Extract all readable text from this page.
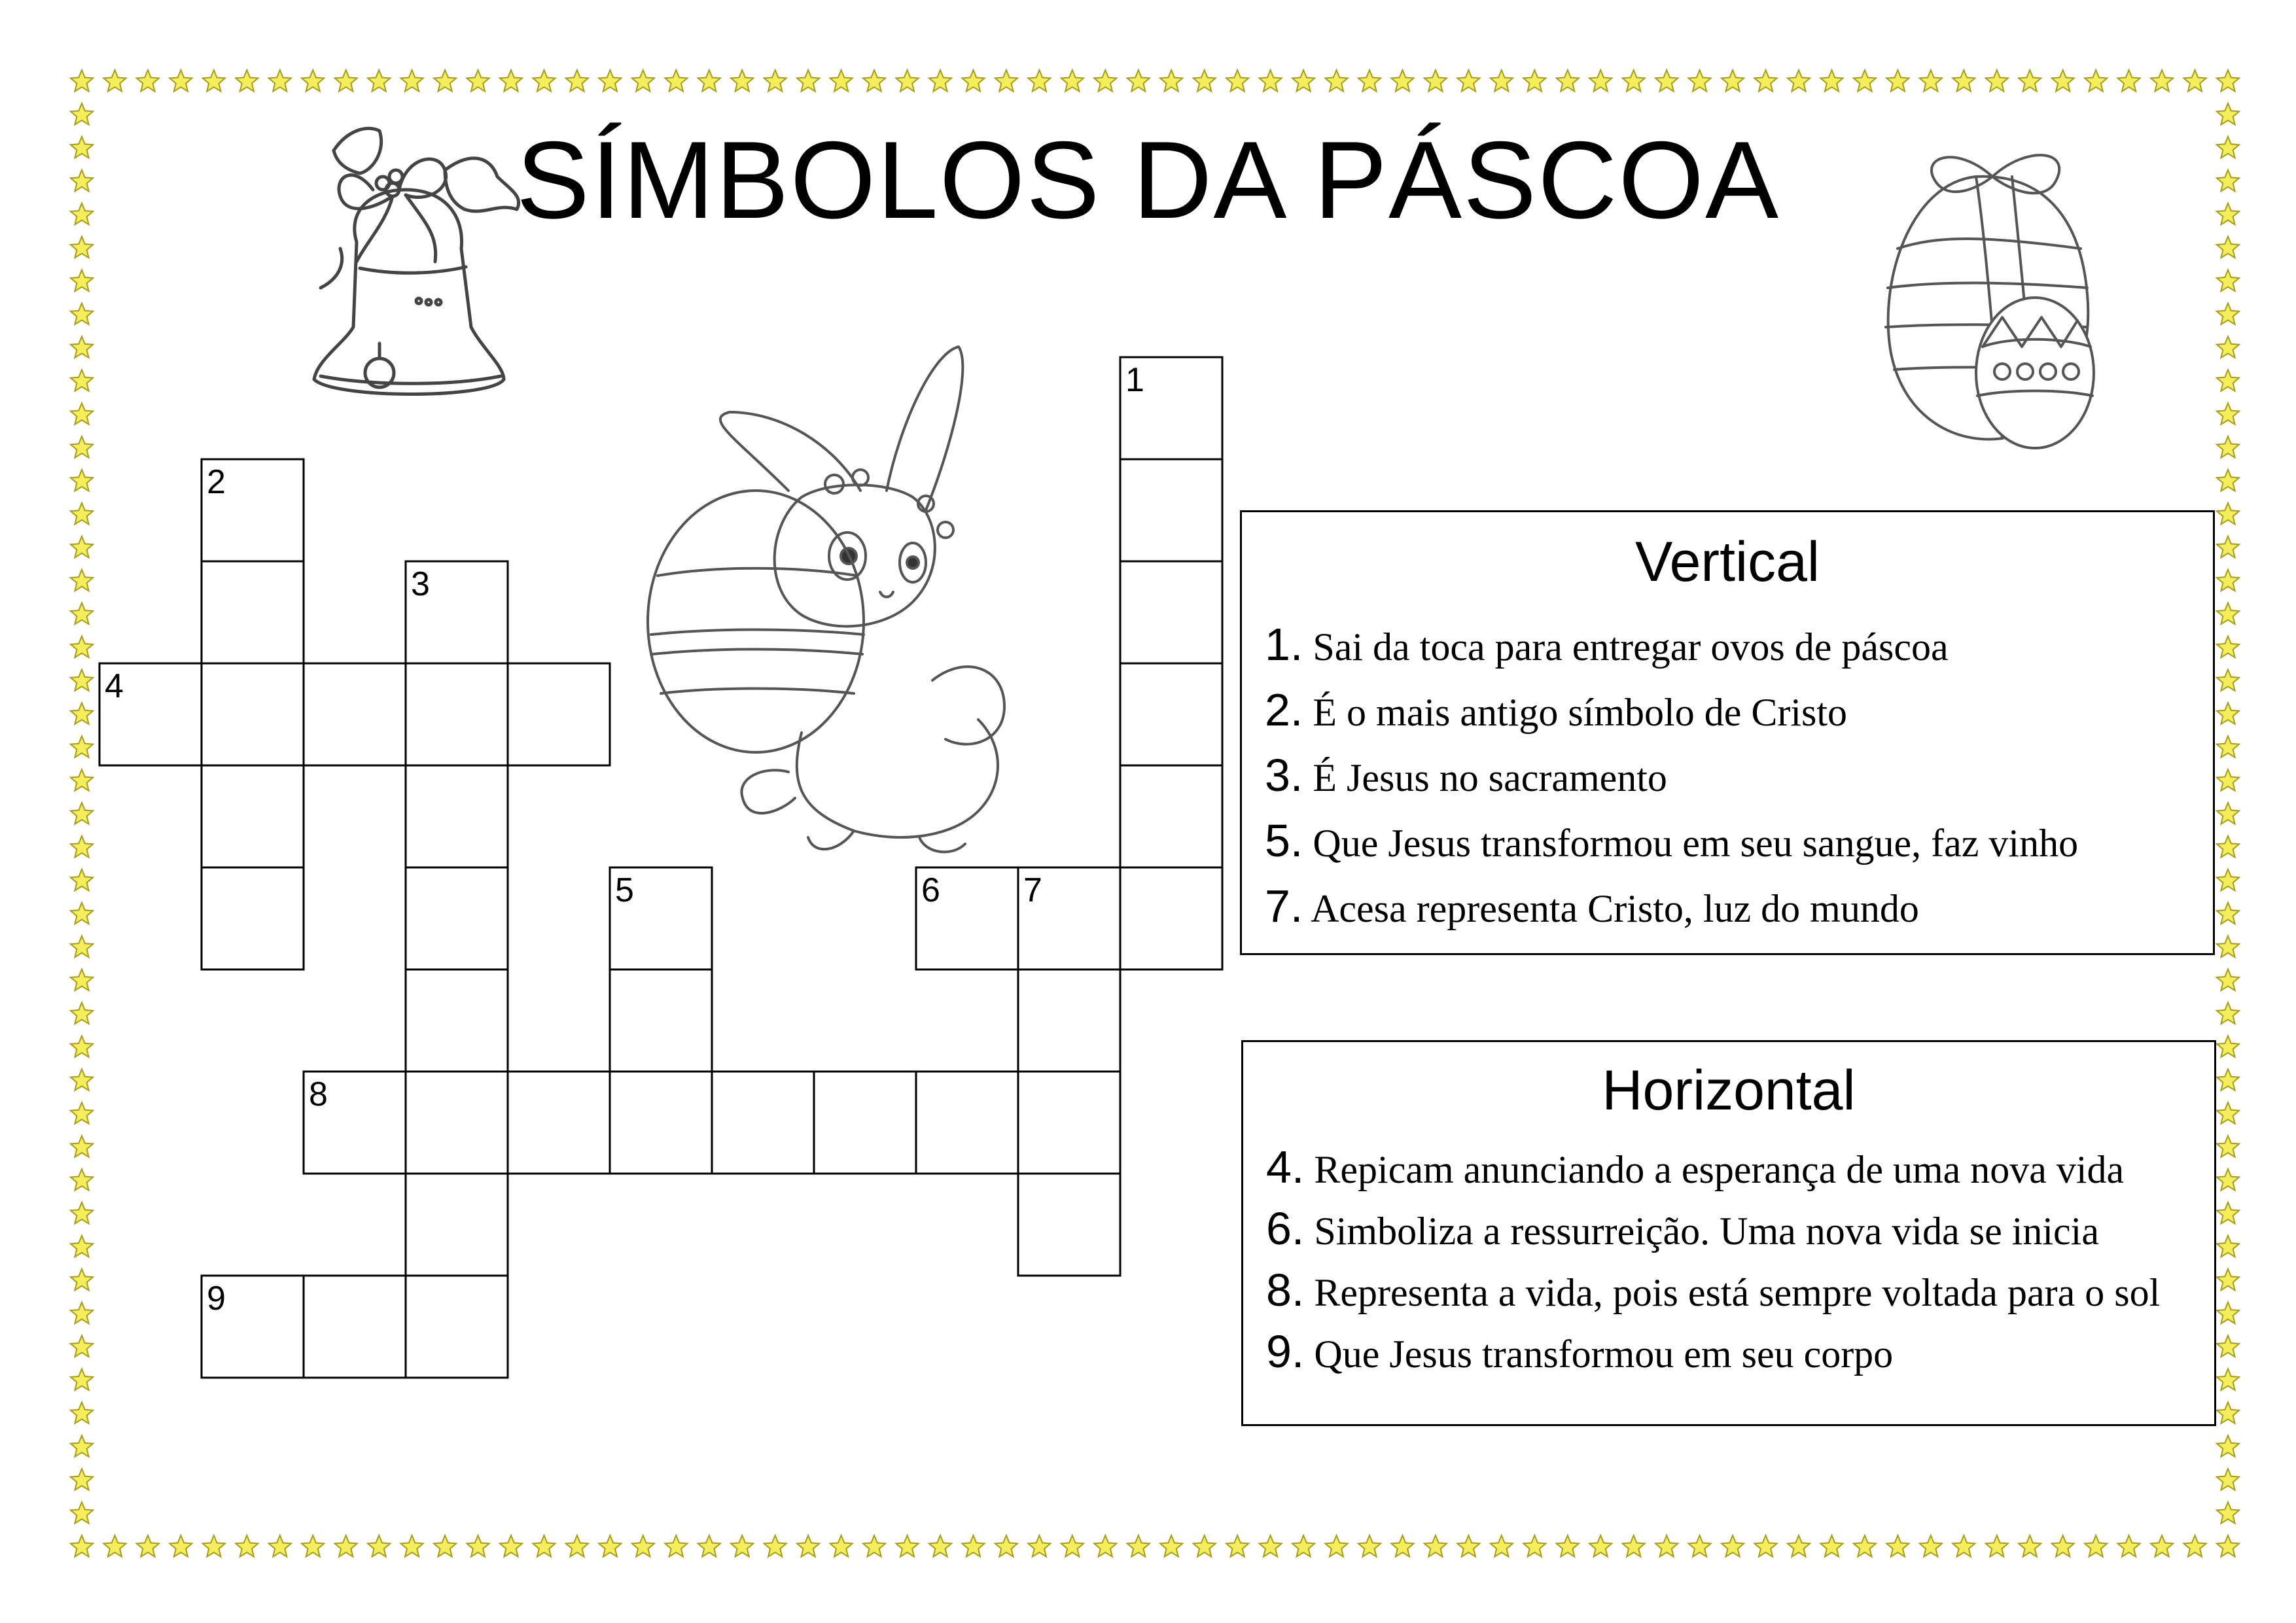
SÍMBOLOS DA PÁSCOA
1
2
3
4
5	6 7
8
9
Vertical
1. Sai da toca para entregar ovos de páscoa
2. É o mais antigo símbolo de Cristo
3. É Jesus no sacramento
5. Que Jesus transformou em seu sangue, faz vinho
7. Acesa representa Cristo, luz do mundo
Horizontal
4. Repicam anunciando a esperança de uma nova vida
6. Simboliza a ressurreição. Uma nova vida se inicia
8. Representa a vida, pois está sempre voltada para o sol
9. Que Jesus transformou em seu corpo
